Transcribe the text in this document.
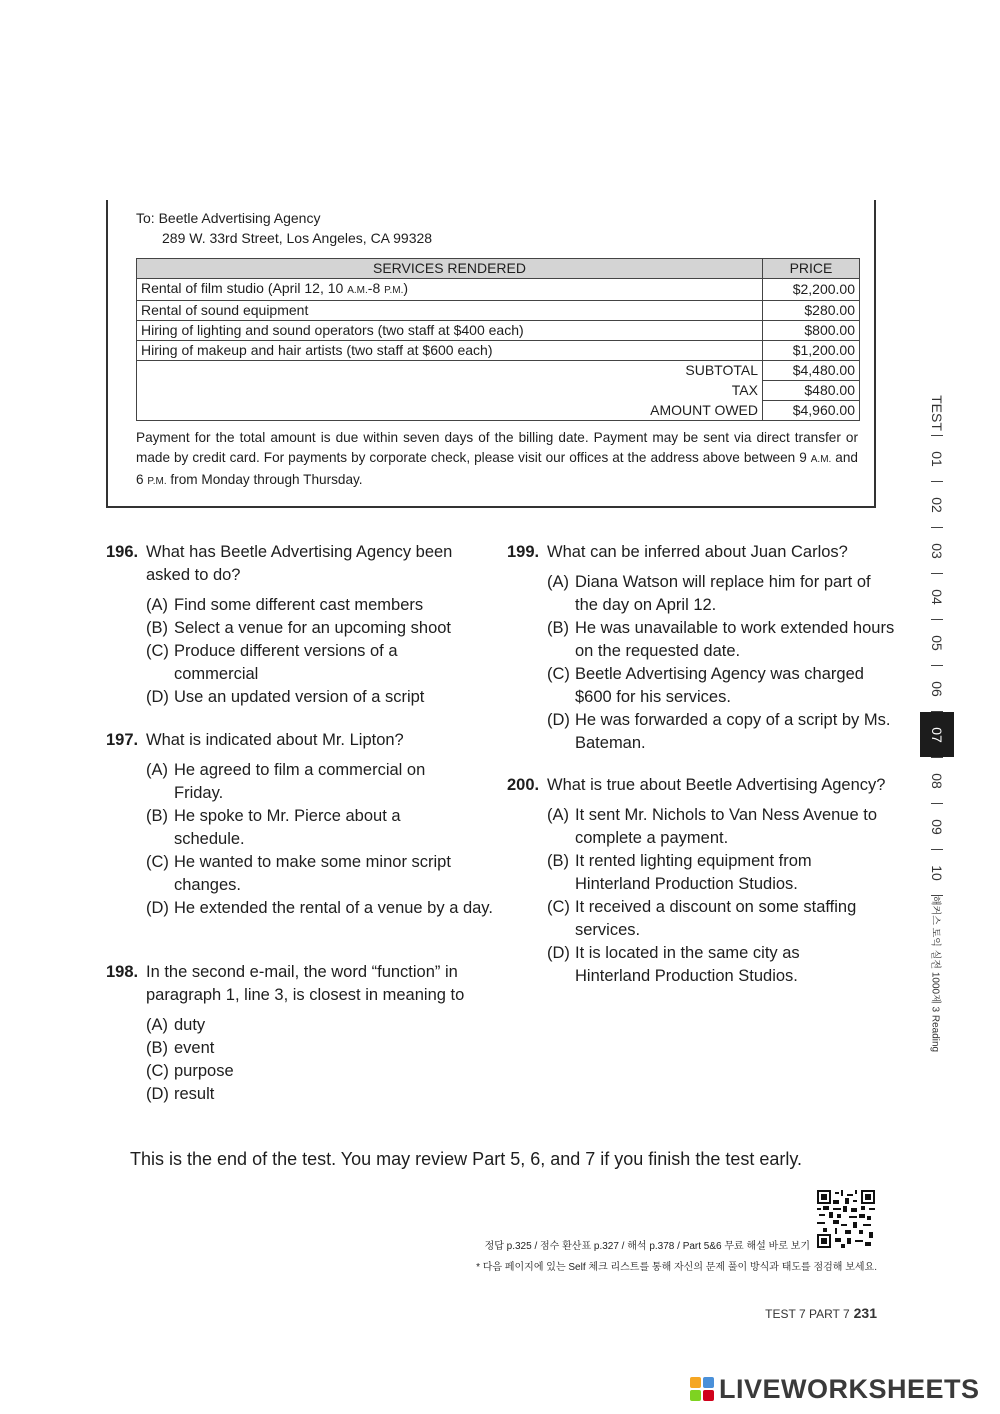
To: Beetle Advertising Agency
289 W. 33rd Street, Los Angeles, CA 99328
SERVICES RENDERED	PRICE
Rental of film studio (April 12, 10 A.M.-8 P.M.)	$2,200.00
Rental of sound equipment	$280.00
Hiring of lighting and sound operators (two staff at $400 each)	$800.00
Hiring of makeup and hair artists (two staff at $600 each)	$1,200.00
SUBTOTAL	$4,480.00
TAX	$480.00
AMOUNT OWED	$4,960.00
Payment for the total amount is due within seven days of the billing date. Payment may be sent via direct transfer or made by credit card. For payments by corporate check, please visit our offices at the address above between 9 A.M. and 6 P.M. from Monday through Thursday.
196. What has Beetle Advertising Agency been asked to do?
(A) Find some different cast members
(B) Select a venue for an upcoming shoot
(C) Produce different versions of a commercial
(D) Use an updated version of a script
197. What is indicated about Mr. Lipton?
(A) He agreed to film a commercial on Friday.
(B) He spoke to Mr. Pierce about a schedule.
(C) He wanted to make some minor script changes.
(D) He extended the rental of a venue by a day.
198. In the second e-mail, the word “function” in paragraph 1, line 3, is closest in meaning to
(A) duty
(B) event
(C) purpose
(D) result
199. What can be inferred about Juan Carlos?
(A) Diana Watson will replace him for part of the day on April 12.
(B) He was unavailable to work extended hours on the requested date.
(C) Beetle Advertising Agency was charged $600 for his services.
(D) He was forwarded a copy of a script by Ms. Bateman.
200. What is true about Beetle Advertising Agency?
(A) It sent Mr. Nichols to Van Ness Avenue to complete a payment.
(B) It rented lighting equipment from Hinterland Production Studios.
(C) It received a discount on some staffing services.
(D) It is located in the same city as Hinterland Production Studios.
This is the end of the test. You may review Part 5, 6, and 7 if you finish the test early.
정답 p.325 / 점수 환산표 p.327 / 해석 p.378 / Part 5&6 무료 해설 바로 보기
* 다음 페이지에 있는 Self 체크 리스트를 통해 자신의 문제 풀이 방식과 태도를 점검해 보세요.
TEST 7 PART 7 231
TEST
01
02
03
04
05
06
07
08
09
10
해커스 토익 실전 1000제 3 Reading
LIVEWORKSHEETS
